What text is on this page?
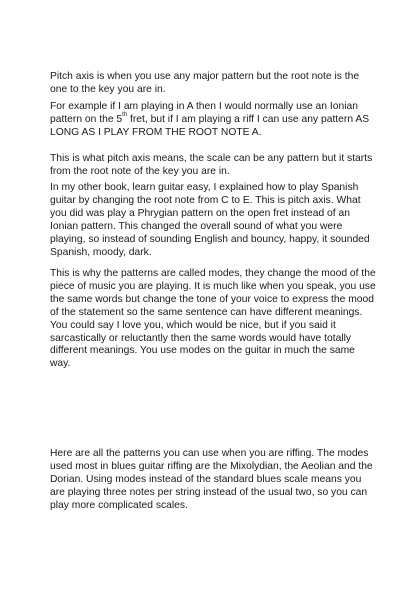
Pitch axis is when you use any major pattern but the root note is the one to the key you are in.

For example if I am playing in A then I would normally use an Ionian pattern on the 5th fret, but if I am playing a riff I can use any pattern AS LONG AS I PLAY FROM THE ROOT NOTE A.

This is what pitch axis means, the scale can be any pattern but it starts from the root note of the key you are in.

In my other book, learn guitar easy, I explained how to play Spanish guitar by changing the root note from C to E. This is pitch axis. What you did was play a Phrygian pattern on the open fret instead of an Ionian pattern. This changed the overall sound of what you were playing, so instead of sounding English and bouncy, happy, it sounded Spanish, moody, dark.

This is why the patterns are called modes, they change the mood of the piece of music you are playing. It is much like when you speak, you use the same words but change the tone of your voice to express the mood of the statement so the same sentence can have different meanings. You could say I love you, which would be nice, but if you said it sarcastically or reluctantly then the same words would have totally different meanings. You use modes on the guitar in much the same way.

Here are all the patterns you can use when you are riffing. The modes used most in blues guitar riffing are the Mixolydian, the Aeolian and the Dorian. Using modes instead of the standard blues scale means you are playing three notes per string instead of the usual two, so you can play more complicated scales.
